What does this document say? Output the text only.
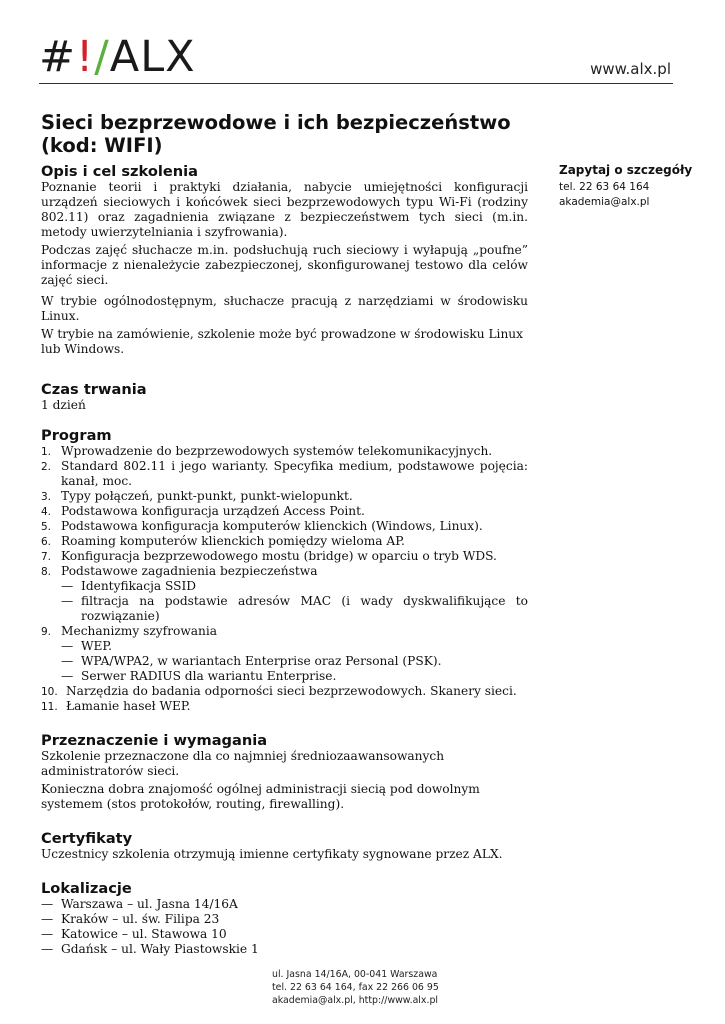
#!/ALX	www.alx.pl
Sieci bezprzewodowe i ich bezpieczeństwo (kod: WIFI)
Opis i cel szkolenia

Poznanie teorii i praktyki działania, nabycie umiejętności konfiguracji urządzeń sieciowych i końcówek sieci bezprzewodowych typu Wi-Fi (rodziny 802.11) oraz zagadnienia związane z bezpieczeństwem tych sieci (m.in. metody uwierzytelniania i szyfrowania).

Podczas zajęć słuchacze m.in. podsłuchują ruch sieciowy i wyłapują „poufne” informacje z nienależycie zabezpieczonej, skonfigurowanej testowo dla celów zajęć sieci.

W trybie ogólnodostępnym, słuchacze pracują z narzędziami w środowisku Linux.

W trybie na zamówienie, szkolenie może być prowadzone w środowisku Linux lub Windows.

Czas trwania
1 dzień
Program
1. Wprowadzenie do bezprzewodowych systemów telekomunikacyjnych.
2. Standard 802.11 i jego warianty. Specyfika medium, podstawowe pojęcia: kanał, moc.
3. Typy połączeń, punkt-punkt, punkt-wielopunkt.
4. Podstawowa konfiguracja urządzeń Access Point.
5. Podstawowa konfiguracja komputerów klienckich (Windows, Linux).
6. Roaming komputerów klienckich pomiędzy wieloma AP.
7. Konfiguracja bezprzewodowego mostu (bridge) w oparciu o tryb WDS.
8. Podstawowe zagadnienia bezpieczeństwa
— Identyfikacja SSID
— filtracja na podstawie adresów MAC (i wady dyskwalifikujące to rozwiązanie)
9. Mechanizmy szyfrowania
— WEP.
— WPA/WPA2, w wariantach Enterprise oraz Personal (PSK).
— Serwer RADIUS dla wariantu Enterprise.
10. Narzędzia do badania odporności sieci bezprzewodowych. Skanery sieci.
11. Łamanie haseł WEP.
Przeznaczenie i wymagania

Szkolenie przeznaczone dla co najmniej średniozaawansowanych administratorów sieci.

Konieczna dobra znajomość ogólnej administracji siecią pod dowolnym systemem (stos protokołów, routing, firewalling).

Certyfikaty
Uczestnicy szkolenia otrzymują imienne certyfikaty sygnowane przez ALX.
Lokalizacje
— Warszawa – ul. Jasna 14/16A
— Kraków – ul. św. Filipa 23
— Katowice – ul. Stawowa 10
— Gdańsk – ul. Wały Piastowskie 1
Zapytaj o szczegóły
tel. 22 63 64 164
akademia@alx.pl
ul. Jasna 14/16A, 00-041 Warszawa
tel. 22 63 64 164, fax 22 266 06 95
akademia@alx.pl, http://www.alx.pl
